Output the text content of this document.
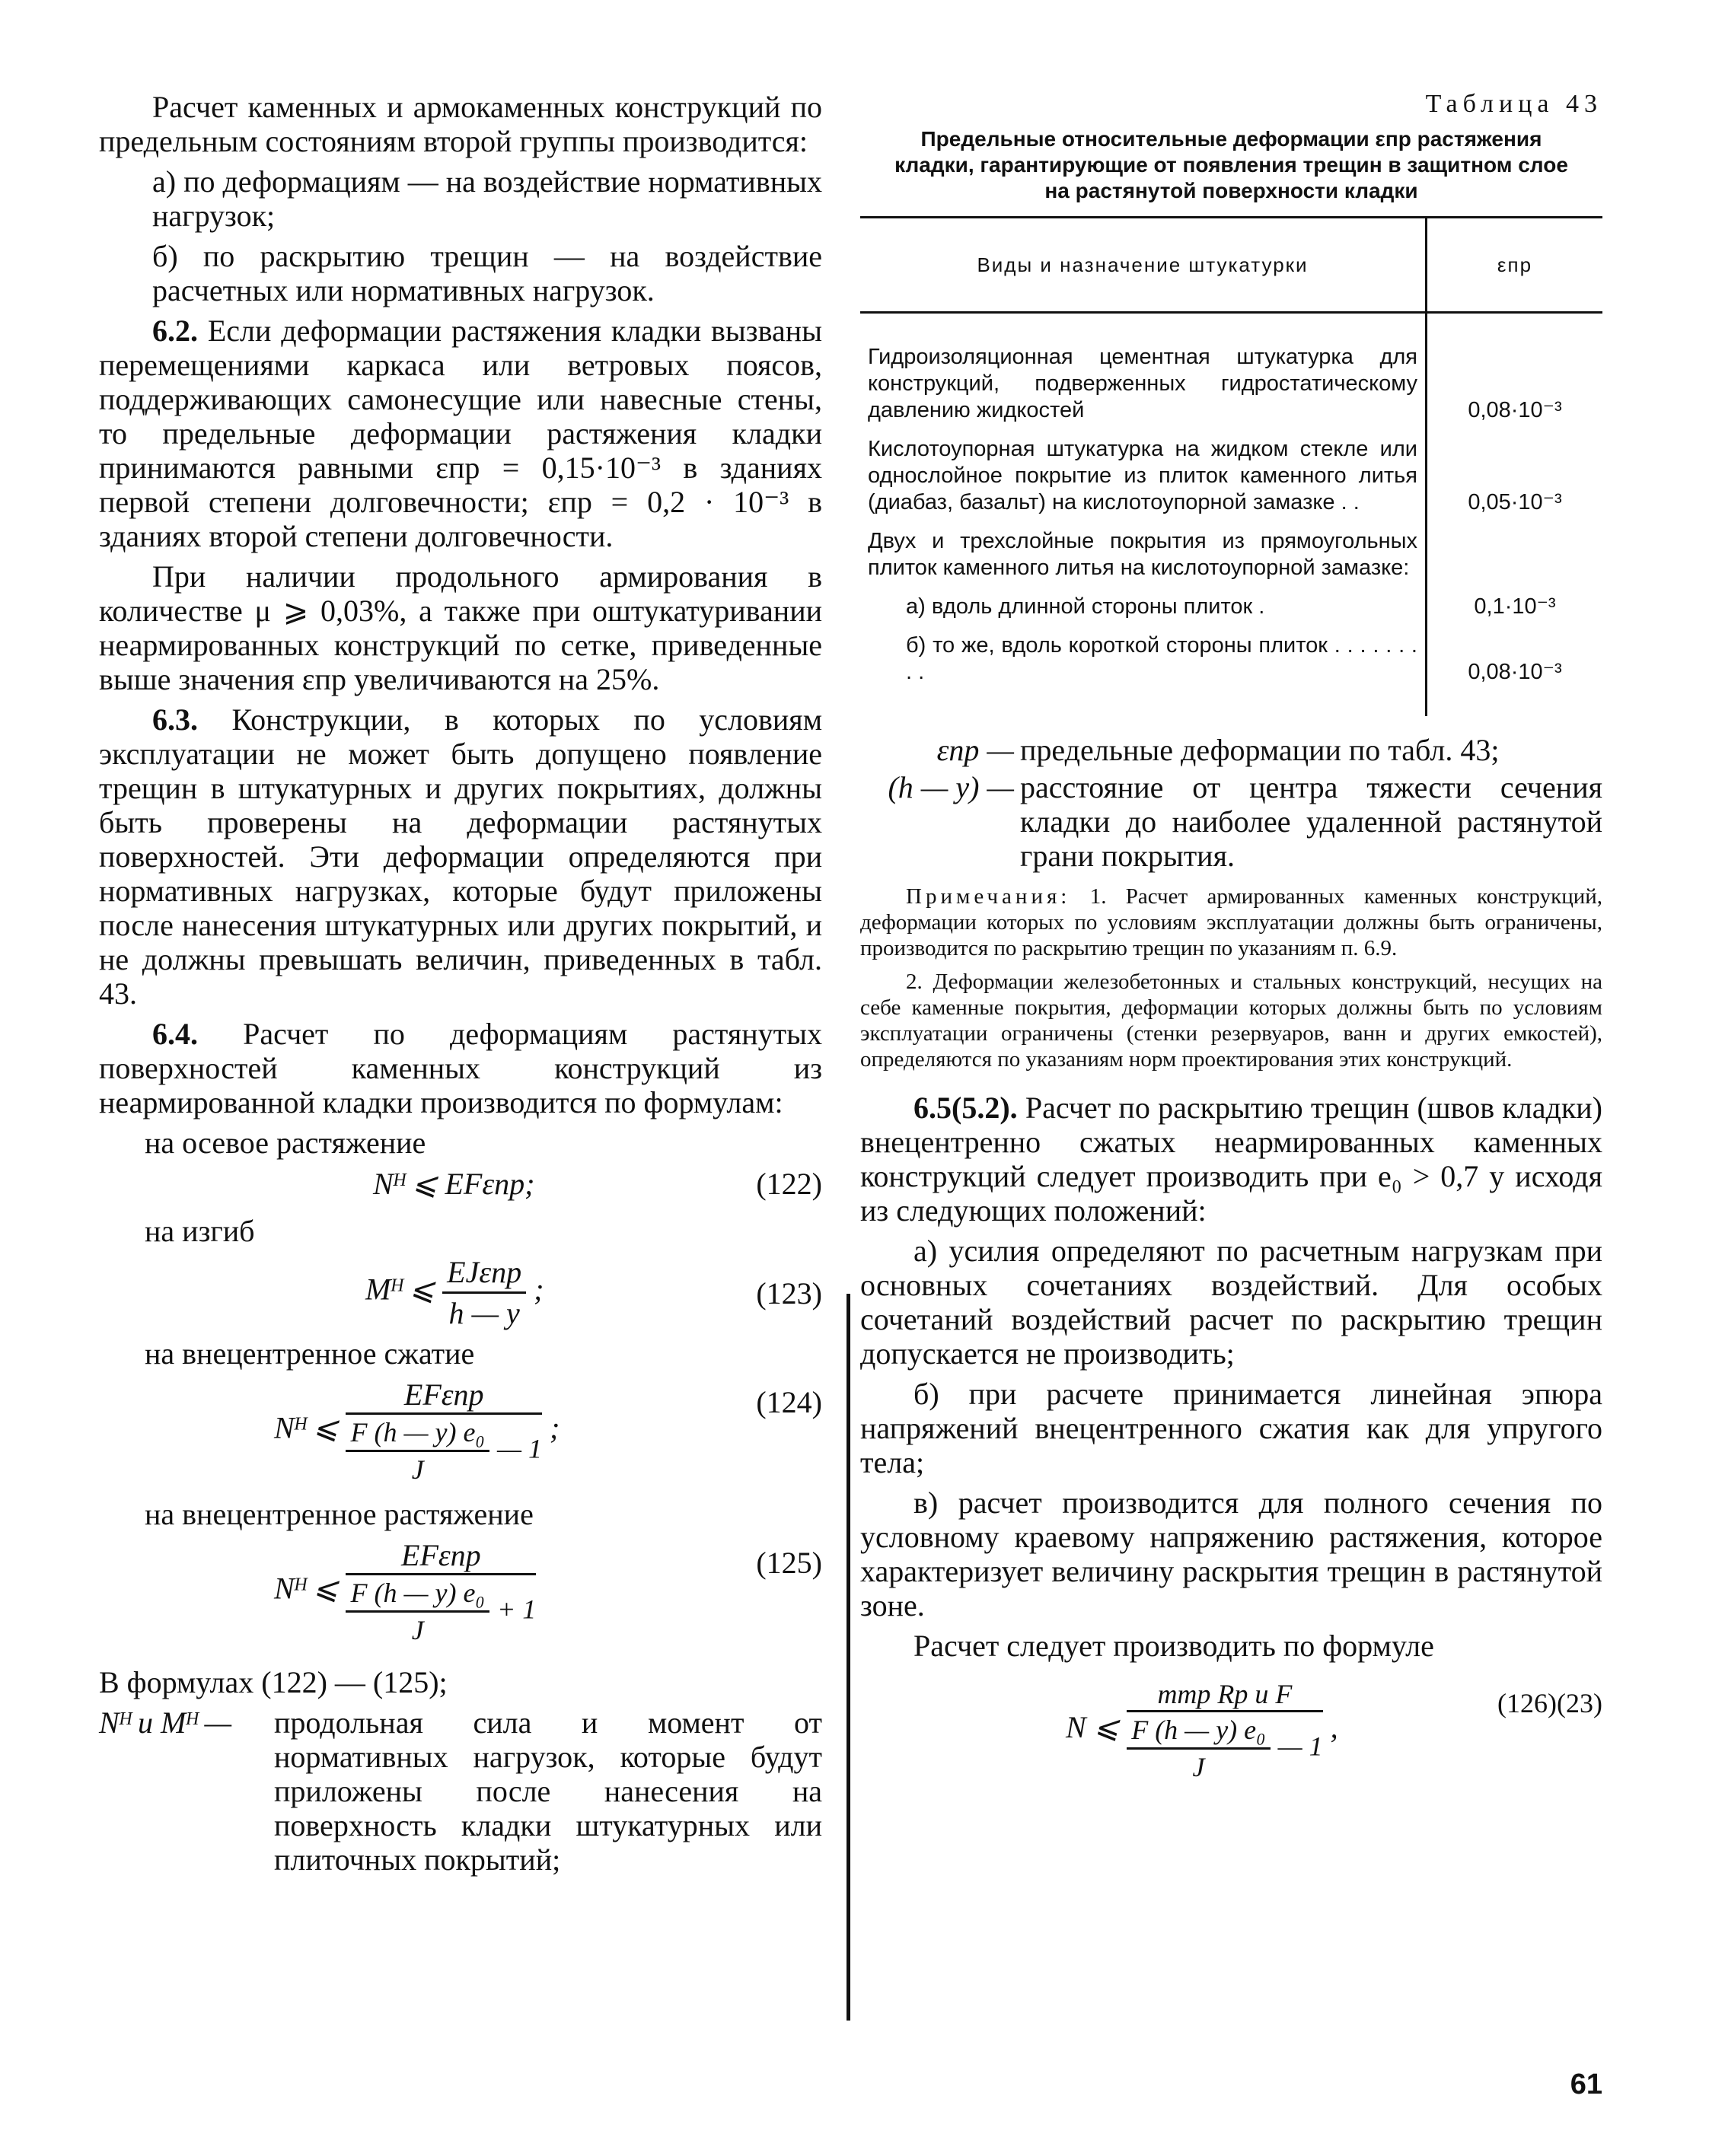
Расчет каменных и армокаменных конструкций по предельным состояниям второй группы производится:

а) по деформациям — на воздействие нормативных нагрузок;

б) по раскрытию трещин — на воздействие расчетных или нормативных нагрузок.

6.2. Если деформации растяжения кладки вызваны перемещениями каркаса или ветровых поясов, поддерживающих самонесущие или навесные стены, то предельные деформации растяжения кладки принимаются равными εпр = 0,15·10⁻³ в зданиях первой степени долговечности; εпр = 0,2 · 10⁻³ в зданиях второй степени долговечности.

При наличии продольного армирования в количестве μ ⩾ 0,03%, а также при оштукатуривании неармированных конструкций по сетке, приведенные выше значения εпр увеличиваются на 25%.

6.3. Конструкции, в которых по условиям эксплуатации не может быть допущено появление трещин в штукатурных и других покрытиях, должны быть проверены на деформации растянутых поверхностей. Эти деформации определяются при нормативных нагрузках, которые будут приложены после нанесения штукатурных или других покрытий, и не должны превышать величин, приведенных в табл. 43.

6.4. Расчет по деформациям растянутых поверхностей каменных конструкций из неармированной кладки производится по формулам:

на осевое растяжение

Nᴴ ⩽ EFεпр;	(122)

на изгиб

Mᴴ ⩽ $\frac{\text{EJεпр}}{h — y}$ ;	(123)

на внецентренное сжатие

Nᴴ ⩽ $\frac{\text{EFεпр}}{\frac{\text{F (h — y) e₀}}{J} — 1}$ ;
(124)

на внецентренное растяжение

Nᴴ ⩽ $\frac{\text{EFεпр}}{\frac{\text{F (h — y) e₀}}{J} + 1}$	(125)

В формулах (122) — (125);

Nᴴ и Mᴴ —	продольная сила и момент от нормативных нагрузок, которые будут приложены после нанесения на поверхность кладки штукатурных или плиточных покрытий;
Таблица 43
Предельные относительные деформации εпр растяжения кладки, гарантирующие от появления трещин в защитном слое на растянутой поверхности кладки
Виды и назначение штукатурки	εпр
Гидроизоляционная цементная штукатурка для конструкций, подверженных гидростатическому давлению жидкостей	0,08·10⁻³
Кислотоупорная штукатурка на жидком стекле или однослойное покрытие из плиток каменного литья (диабаз, базальт) на кислотоупорной замазке . .	0,05·10⁻³
Двух и трехслойные покрытия из прямоугольных плиток каменного литья на кислотоупорной замазке:	
а) вдоль длинной стороны плиток .	0,1·10⁻³
б) то же, вдоль короткой стороны плиток . . . . . . . . .	0,08·10⁻³
εпр — предельные деформации по табл. 43;
(h — y) — расстояние от центра тяжести сечения кладки до наиболее удаленной растянутой грани покрытия.

Примечания: 1. Расчет армированных каменных конструкций, деформации которых по условиям эксплуатации должны быть ограничены, производится по раскрытию трещин по указаниям п. 6.9.

2. Деформации железобетонных и стальных конструкций, несущих на себе каменные покрытия, деформации которых должны быть по условиям эксплуатации ограничены (стенки резервуаров, ванн и других емкостей), определяются по указаниям норм проектирования этих конструкций.

6.5(5.2). Расчет по раскрытию трещин (швов кладки) внецентренно сжатых неармированных каменных конструкций следует производить при e₀ > 0,7 y исходя из следующих положений:

а) усилия определяют по расчетным нагрузкам при основных сочетаниях воздействий. Для особых сочетаний воздействий расчет по раскрытию трещин допускается не производить;

б) при расчете принимается линейная эпюра напряжений внецентренного сжатия как для упругого тела;

в) расчет производится для полного сечения по условному краевому напряжению растяжения, которое характеризует величину раскрытия трещин в растянутой зоне.

Расчет следует производить по формуле

N ⩽ $\frac{\text{mтр Rр и F}}{\frac{\text{F (h — y) e₀}}{J} — 1}$ ,
(126)(23)
61
